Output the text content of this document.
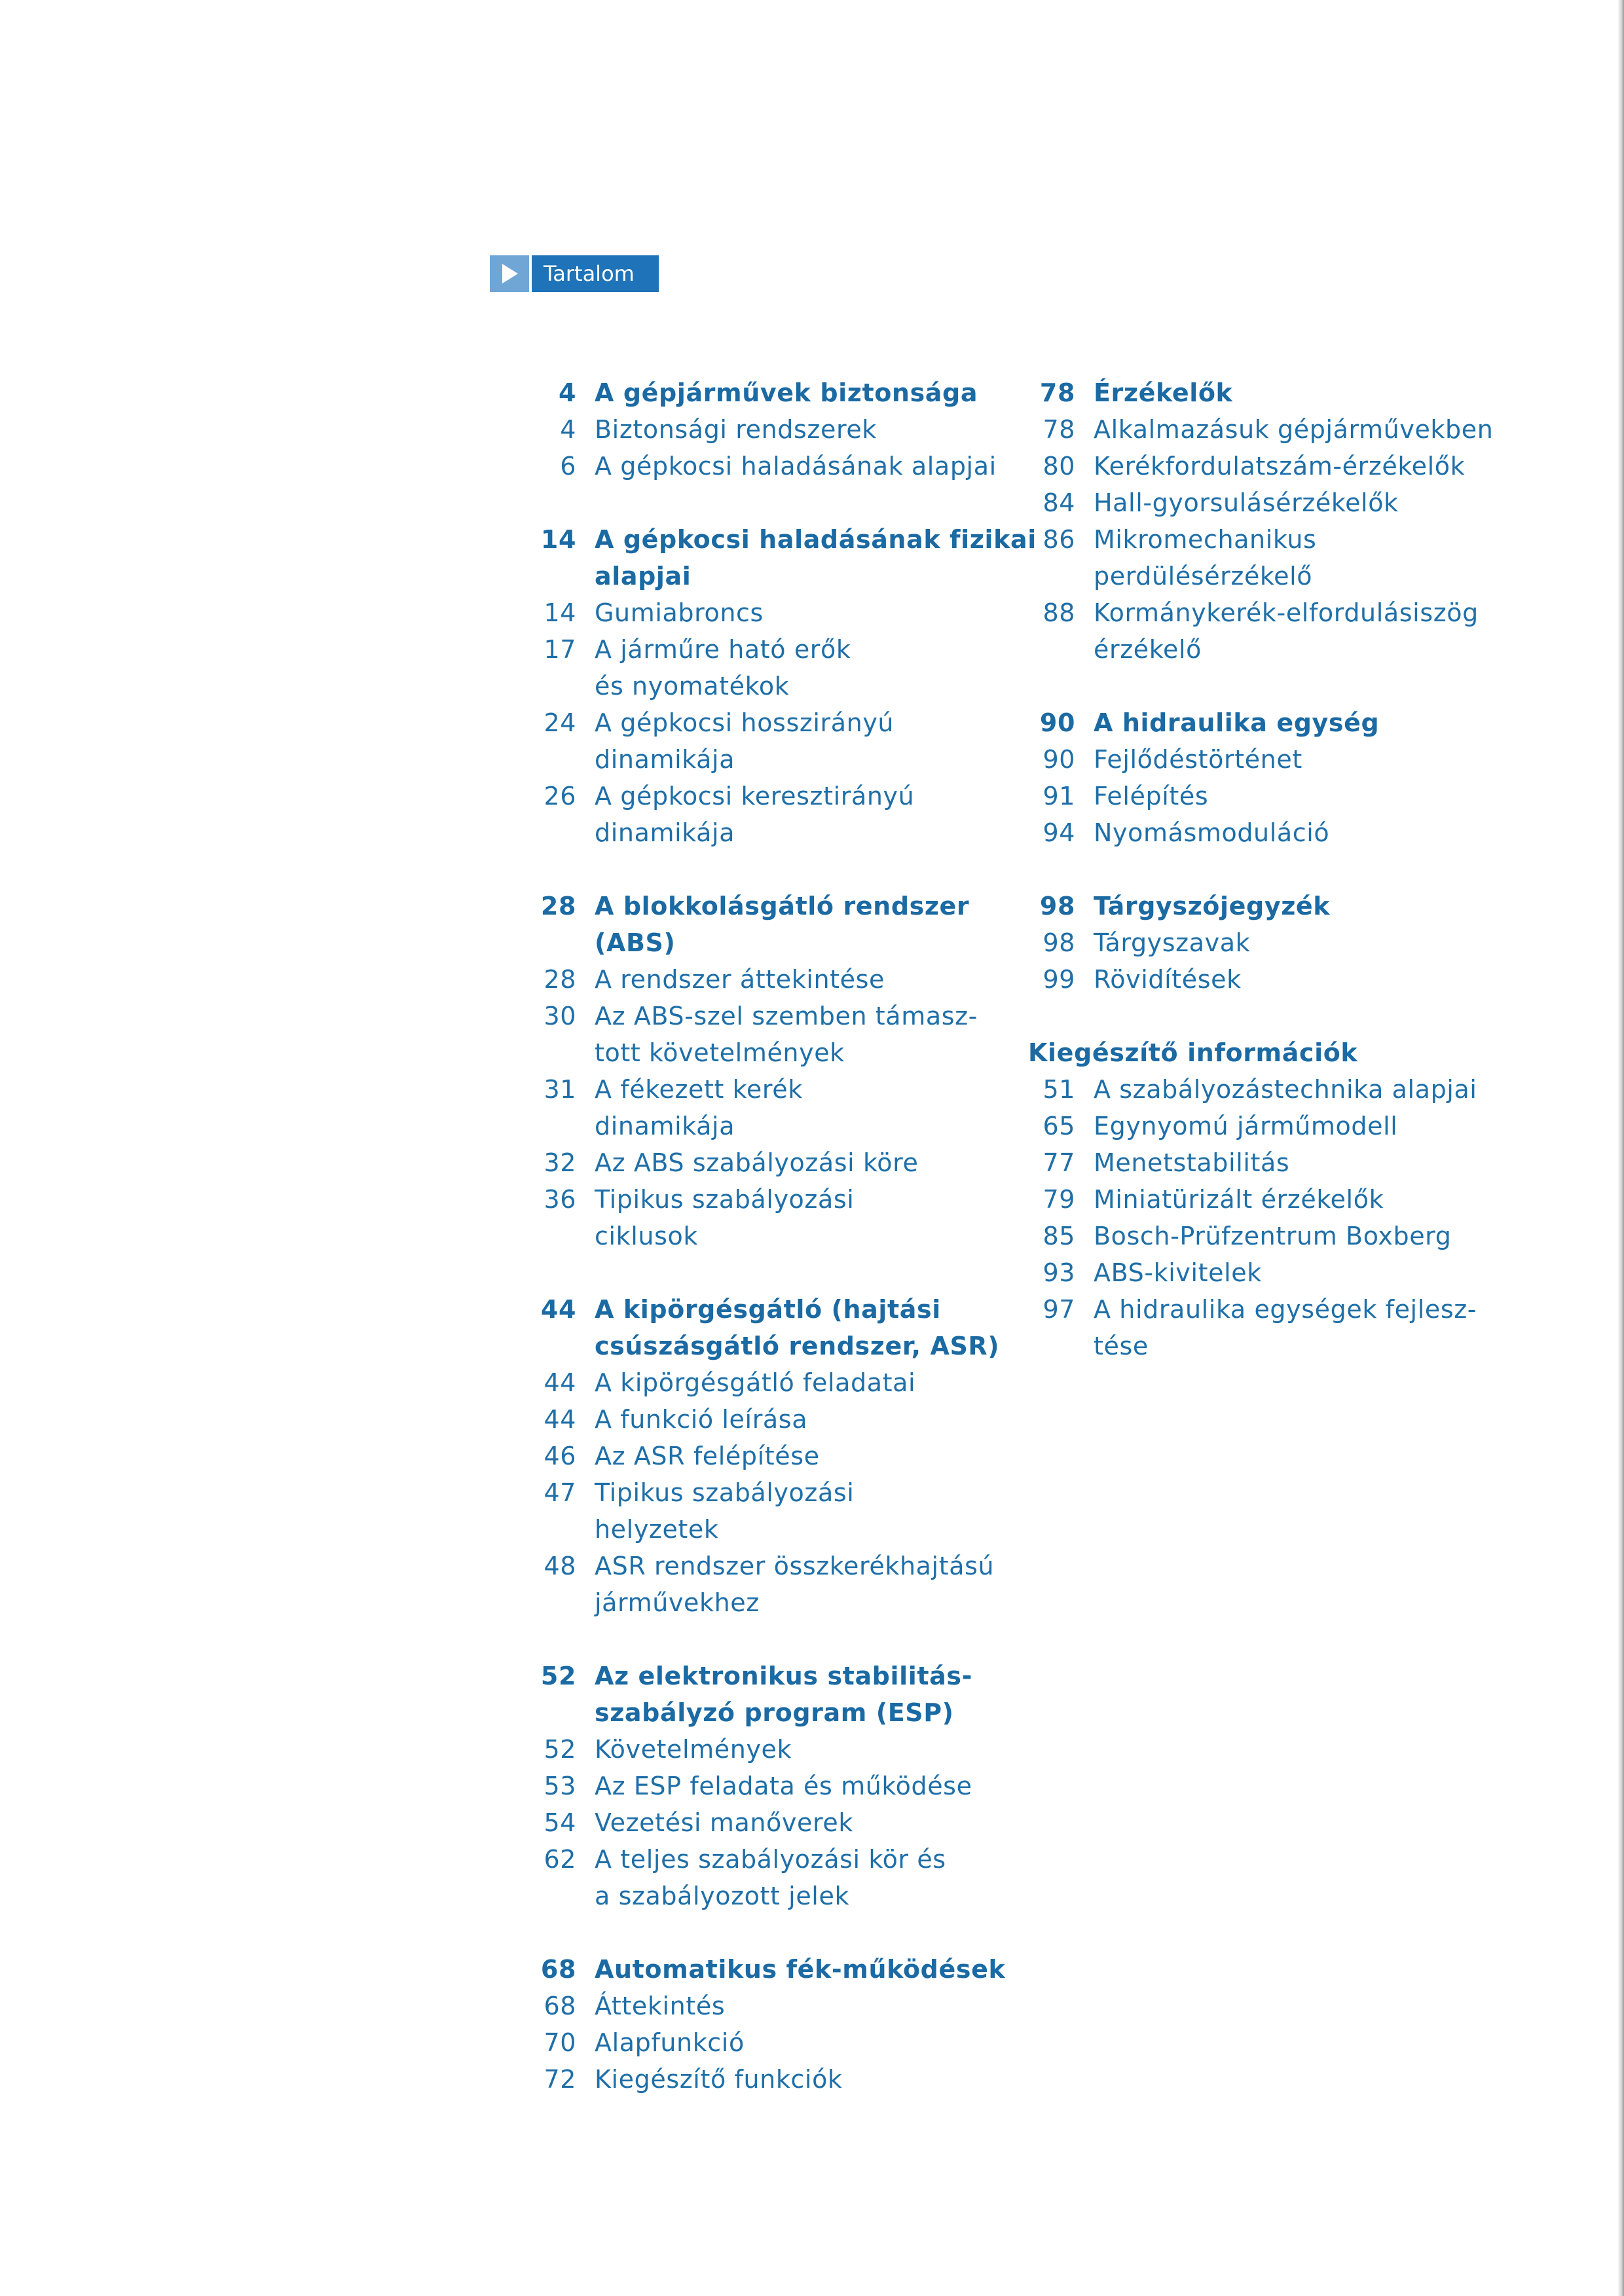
Tartalom
4 A gépjárművek biztonsága
4 Biztonsági rendszerek
6 A gépkocsi haladásának alapjai
14 A gépkocsi haladásának fizikai
alapjai
14 Gumiabroncs
17 A járműre ható erők
és nyomatékok
24 A gépkocsi hosszirányú
dinamikája
26 A gépkocsi keresztirányú
dinamikája
28 A blokkolásgátló rendszer
(ABS)
28 A rendszer áttekintése
30 Az ABS-szel szemben támasz-
tott követelmények
31 A fékezett kerék
dinamikája
32 Az ABS szabályozási köre
36 Tipikus szabályozási
ciklusok
44 A kipörgésgátló (hajtási
csúszásgátló rendszer, ASR)
44 A kipörgésgátló feladatai
44 A funkció leírása
46 Az ASR felépítése
47 Tipikus szabályozási
helyzetek
48 ASR rendszer összkerékhajtású
járművekhez
52 Az elektronikus stabilitás-
szabályzó program (ESP)
52 Követelmények
53 Az ESP feladata és működése
54 Vezetési manőverek
62 A teljes szabályozási kör és
a szabályozott jelek
68 Automatikus fék-működések
68 Áttekintés
70 Alapfunkció
72 Kiegészítő funkciók
78 Érzékelők
78 Alkalmazásuk gépjárművekben
80 Kerékfordulatszám-érzékelők
84 Hall-gyorsulásérzékelők
86 Mikromechanikus
perdülésérzékelő
88 Kormánykerék-elfordulásiszög
érzékelő
90 A hidraulika egység
90 Fejlődéstörténet
91 Felépítés
94 Nyomásmoduláció
98 Tárgyszójegyzék
98 Tárgyszavak
99 Rövidítések
Kiegészítő információk
51 A szabályozástechnika alapjai
65 Egynyomú járműmodell
77 Menetstabilitás
79 Miniatürizált érzékelők
85 Bosch-Prüfzentrum Boxberg
93 ABS-kivitelek
97 A hidraulika egységek fejlesz-
tése
